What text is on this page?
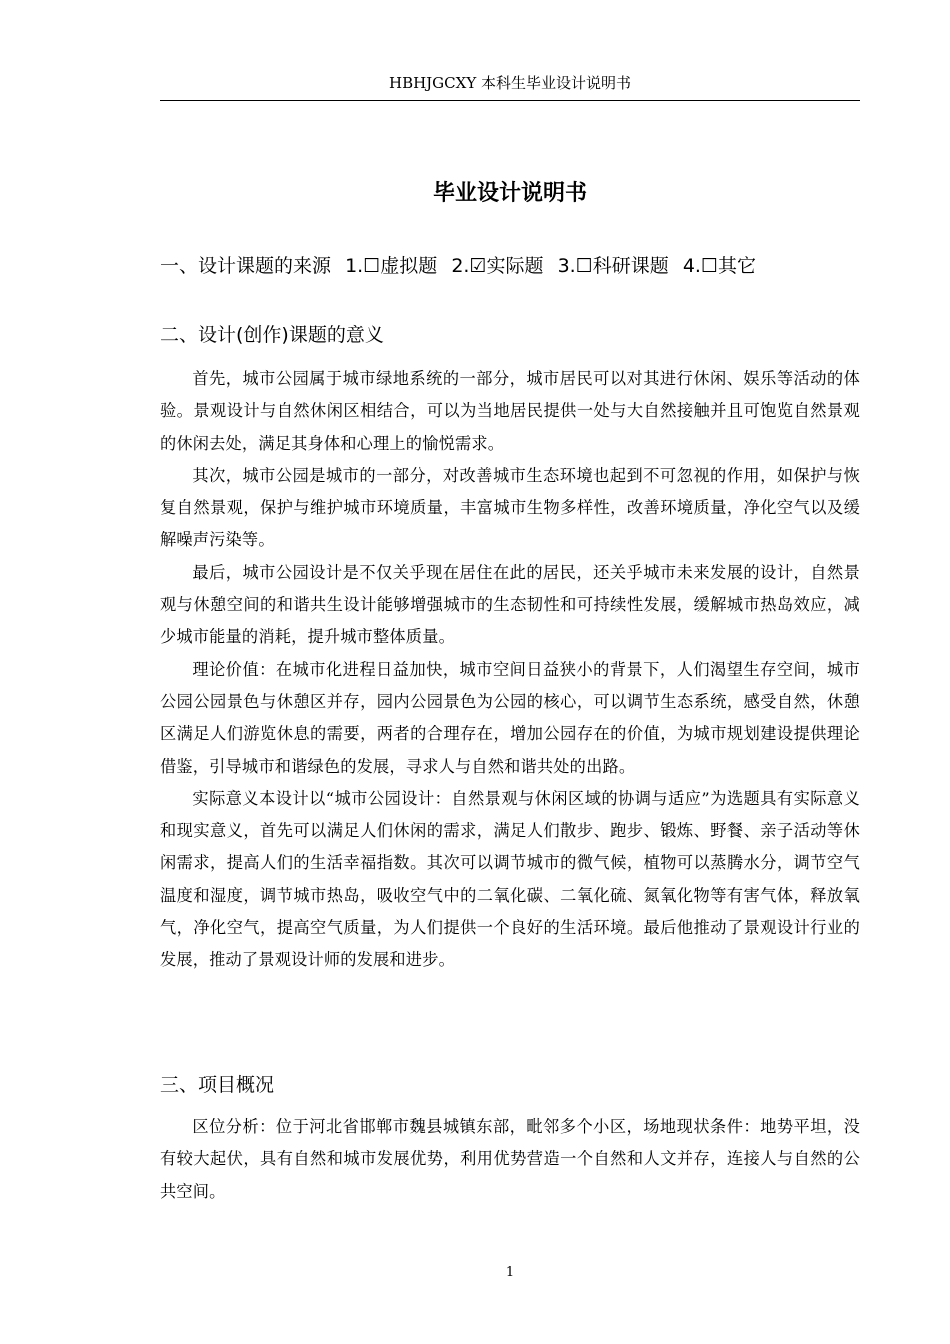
HBHJGCXY 本科生毕业设计说明书
毕业设计说明书
一、设计课题的来源 1.☐虚拟题 2.☑实际题 3.☐科研课题 4.☐其它
二、设计(创作)课题的意义

首先，城市公园属于城市绿地系统的一部分，城市居民可以对其进行休闲、娱乐等活动的体验。景观设计与自然休闲区相结合，可以为当地居民提供一处与大自然接触并且可饱览自然景观的休闲去处，满足其身体和心理上的愉悦需求。

其次，城市公园是城市的一部分，对改善城市生态环境也起到不可忽视的作用，如保护与恢复自然景观，保护与维护城市环境质量，丰富城市生物多样性，改善环境质量，净化空气以及缓解噪声污染等。

最后，城市公园设计是不仅关乎现在居住在此的居民，还关乎城市未来发展的设计，自然景观与休憩空间的和谐共生设计能够增强城市的生态韧性和可持续性发展，缓解城市热岛效应，减少城市能量的消耗，提升城市整体质量。

理论价值：在城市化进程日益加快，城市空间日益狭小的背景下，人们渴望生存空间，城市公园公园景色与休憩区并存，园内公园景色为公园的核心，可以调节生态系统，感受自然，休憩区满足人们游览休息的需要，两者的合理存在，增加公园存在的价值，为城市规划建设提供理论借鉴，引导城市和谐绿色的发展，寻求人与自然和谐共处的出路。

实际意义本设计以“城市公园设计：自然景观与休闲区域的协调与适应”为选题具有实际意义和现实意义，首先可以满足人们休闲的需求，满足人们散步、跑步、锻炼、野餐、亲子活动等休闲需求，提高人们的生活幸福指数。其次可以调节城市的微气候，植物可以蒸腾水分，调节空气温度和湿度，调节城市热岛，吸收空气中的二氧化碳、二氧化硫、氮氧化物等有害气体，释放氧气，净化空气，提高空气质量，为人们提供一个良好的生活环境。最后他推动了景观设计行业的发展，推动了景观设计师的发展和进步。

三、项目概况

区位分析：位于河北省邯郸市魏县城镇东部，毗邻多个小区，场地现状条件：地势平坦，没有较大起伏，具有自然和城市发展优势，利用优势营造一个自然和人文并存，连接人与自然的公共空间。

1
